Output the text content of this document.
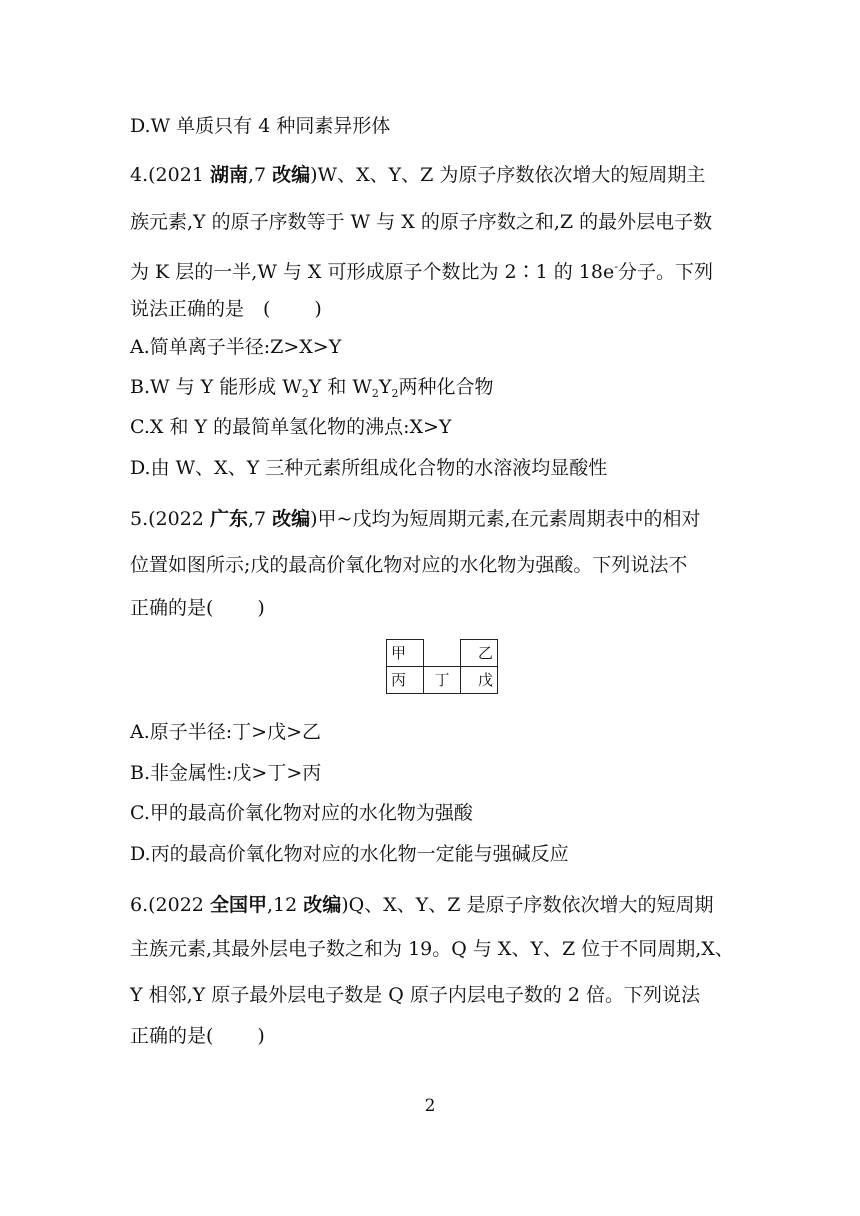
D.W 单质只有 4 种同素异形体
4.(2021 湖南,7 改编)W、X、Y、Z 为原子序数依次增大的短周期主
族元素,Y 的原子序数等于 W 与 X 的原子序数之和,Z 的最外层电子数
为 K 层的一半,W 与 X 可形成原子个数比为 2∶1 的 18e-分子。下列
说法正确的是　( )
A.简单离子半径:Z>X>Y
B.W 与 Y 能形成 $W_2Y$ 和 $W_2Y_2$两种化合物
C.X 和 Y 的最简单氢化物的沸点:X>Y
D.由 W、X、Y 三种元素所组成化合物的水溶液均显酸性
5.(2022 广东,7 改编)甲~戊均为短周期元素,在元素周期表中的相对
位置如图所示;戊的最高价氧化物对应的水化物为强酸。下列说法不
正确的是( )
甲		乙
丙	丁	戊
A.原子半径:丁>戊>乙
B.非金属性:戊>丁>丙
C.甲的最高价氧化物对应的水化物为强酸
D.丙的最高价氧化物对应的水化物一定能与强碱反应
6.(2022 全国甲,12 改编)Q、X、Y、Z 是原子序数依次增大的短周期
主族元素,其最外层电子数之和为 19。Q 与 X、Y、Z 位于不同周期,X、
Y 相邻,Y 原子最外层电子数是 Q 原子内层电子数的 2 倍。下列说法
正确的是( )
2
